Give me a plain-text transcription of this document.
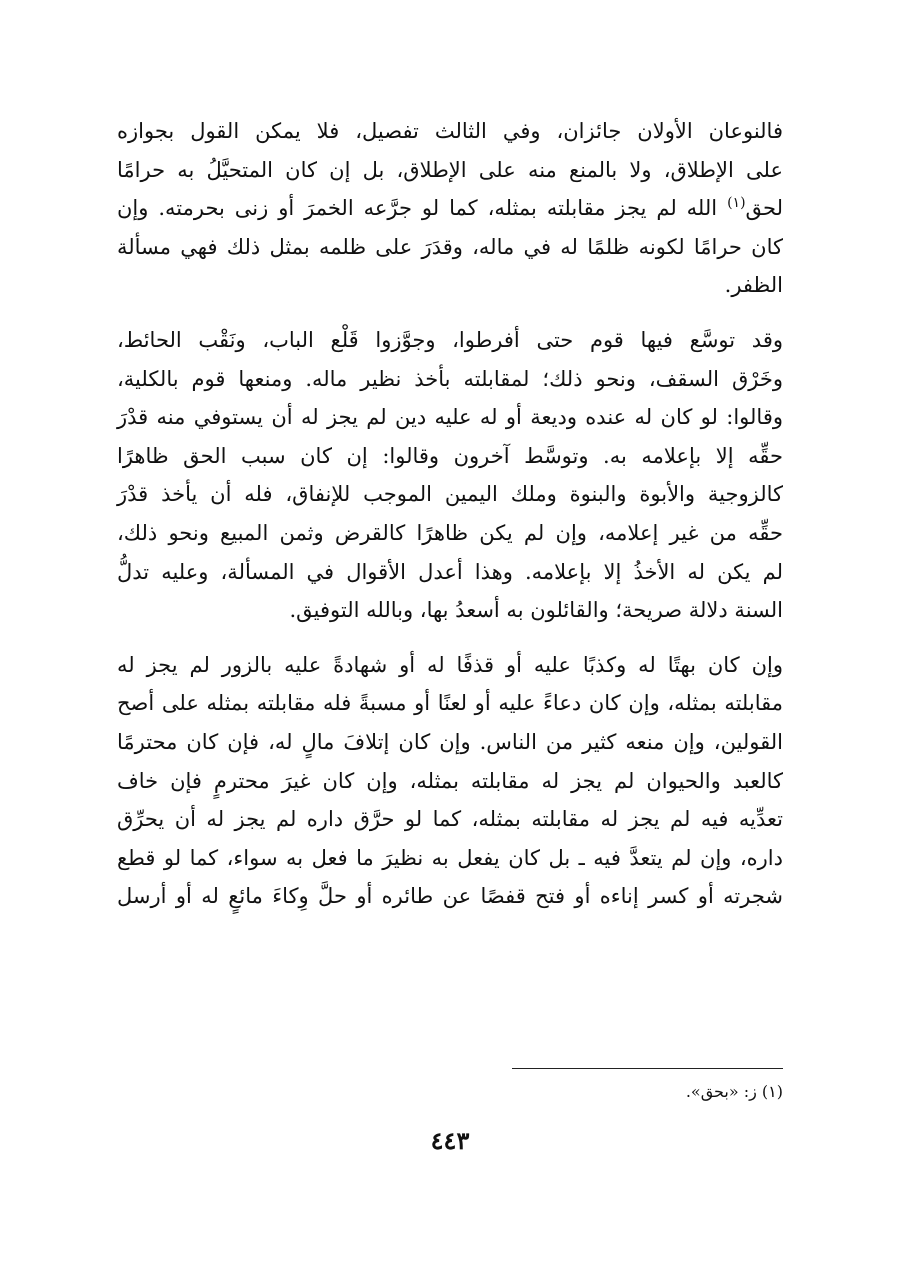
فالنوعان الأولان جائزان، وفي الثالث تفصيل، فلا يمكن القول بجوازه
على الإطلاق، ولا بالمنع منه على الإطلاق، بل إن كان المتحيَّلُ به حرامًا
لحق$^{(١)}$ الله لم يجز مقابلته بمثله، كما لو جرَّعه الخمرَ أو زنى بحرمته. وإن
كان حرامًا لكونه ظلمًا له في ماله، وقدَرَ على ظلمه بمثل ذلك فهي مسألة
الظفر.
وقد توسَّع فيها قوم حتى أفرطوا، وجوَّزوا قَلْع الباب، ونَقْب الحائط،
وخَرْق السقف، ونحو ذلك؛ لمقابلته بأخذ نظير ماله. ومنعها قوم بالكلية،
وقالوا: لو كان له عنده وديعة أو له عليه دين لم يجز له أن يستوفي منه قدْرَ
حقِّه إلا بإعلامه به. وتوسَّط آخرون وقالوا: إن كان سبب الحق ظاهرًا
كالزوجية والأبوة والبنوة وملك اليمين الموجب للإنفاق، فله أن يأخذ قدْرَ
حقِّه من غير إعلامه، وإن لم يكن ظاهرًا كالقرض وثمن المبيع ونحو ذلك،
لم يكن له الأخذُ إلا بإعلامه. وهذا أعدل الأقوال في المسألة، وعليه تدلُّ
السنة دلالة صريحة؛ والقائلون به أسعدُ بها، وبالله التوفيق.
وإن كان بهتًا له وكذبًا عليه أو قذفًا له أو شهادةً عليه بالزور لم يجز له
مقابلته بمثله، وإن كان دعاءً عليه أو لعنًا أو مسبةً فله مقابلته بمثله على أصح
القولين، وإن منعه كثير من الناس. وإن كان إتلافَ مالٍ له، فإن كان محترمًا
كالعبد والحيوان لم يجز له مقابلته بمثله، وإن كان غيرَ محترمٍ فإن خاف
تعدِّيه فيه لم يجز له مقابلته بمثله، كما لو حرَّق داره لم يجز له أن يحرِّق
داره، وإن لم يتعدَّ فيه ـ بل كان يفعل به نظيرَ ما فعل به سواء، كما لو قطع
شجرته أو كسر إناءه أو فتح قفصًا عن طائره أو حلَّ وِكاءَ مائعٍ له أو أرسل
(١) ز: «بحق».
٤٤٣
